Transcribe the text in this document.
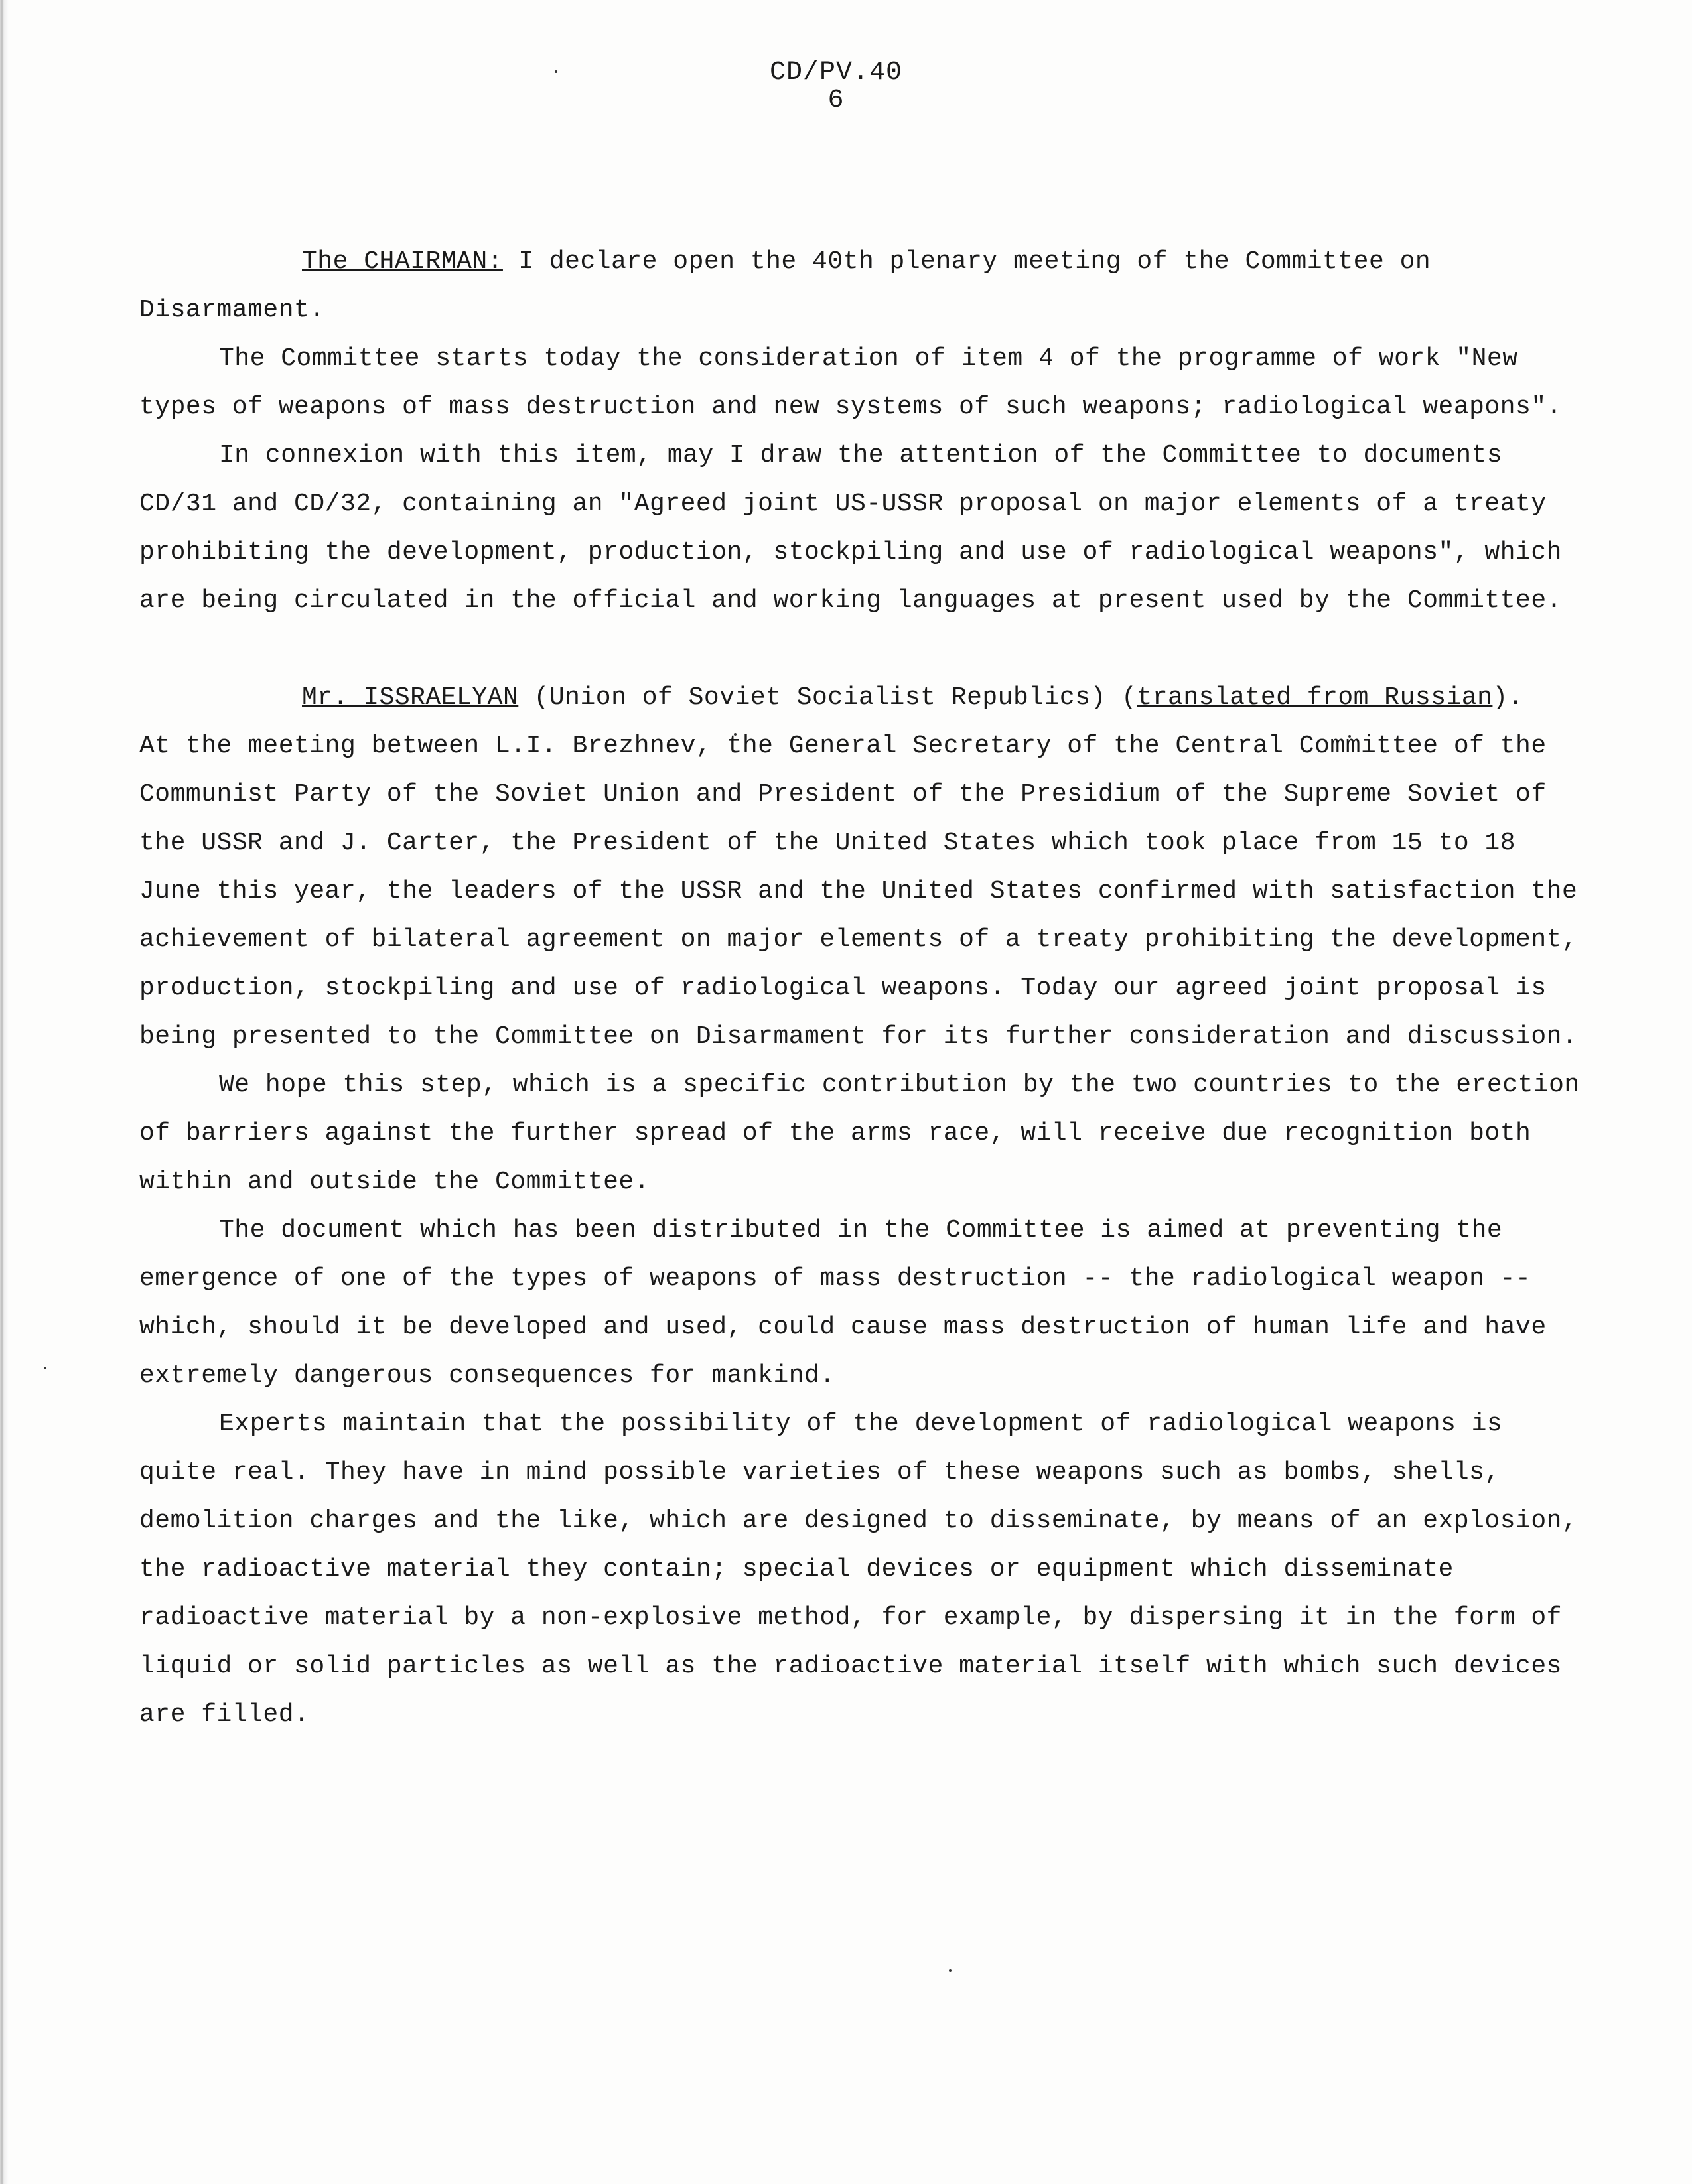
CD/PV.40
6

The CHAIRMAN: I declare open the 40th plenary meeting of the Committee on Disarmament.

The Committee starts today the consideration of item 4 of the programme of work "New types of weapons of mass destruction and new systems of such weapons; radiological weapons".

In connexion with this item, may I draw the attention of the Committee to documents CD/31 and CD/32, containing an "Agreed joint US-USSR proposal on major elements of a treaty prohibiting the development, production, stockpiling and use of radiological weapons", which are being circulated in the official and working languages at present used by the Committee.

Mr. ISSRAELYAN (Union of Soviet Socialist Republics) (translated from Russian).

At the meeting between L.I. Brezhnev, the General Secretary of the Central Committee of the Communist Party of the Soviet Union and President of the Presidium of the Supreme Soviet of the USSR and J. Carter, the President of the United States which took place from 15 to 18 June this year, the leaders of the USSR and the United States confirmed with satisfaction the achievement of bilateral agreement on major elements of a treaty prohibiting the development, production, stockpiling and use of radiological weapons. Today our agreed joint proposal is being presented to the Committee on Disarmament for its further consideration and discussion.

We hope this step, which is a specific contribution by the two countries to the erection of barriers against the further spread of the arms race, will receive due recognition both within and outside the Committee.

The document which has been distributed in the Committee is aimed at preventing the emergence of one of the types of weapons of mass destruction -- the radiological weapon -- which, should it be developed and used, could cause mass destruction of human life and have extremely dangerous consequences for mankind.

Experts maintain that the possibility of the development of radiological weapons is quite real. They have in mind possible varieties of these weapons such as bombs, shells, demolition charges and the like, which are designed to disseminate, by means of an explosion, the radioactive material they contain; special devices or equipment which disseminate radioactive material by a non-explosive method, for example, by dispersing it in the form of liquid or solid particles as well as the radioactive material itself with which such devices are filled.
